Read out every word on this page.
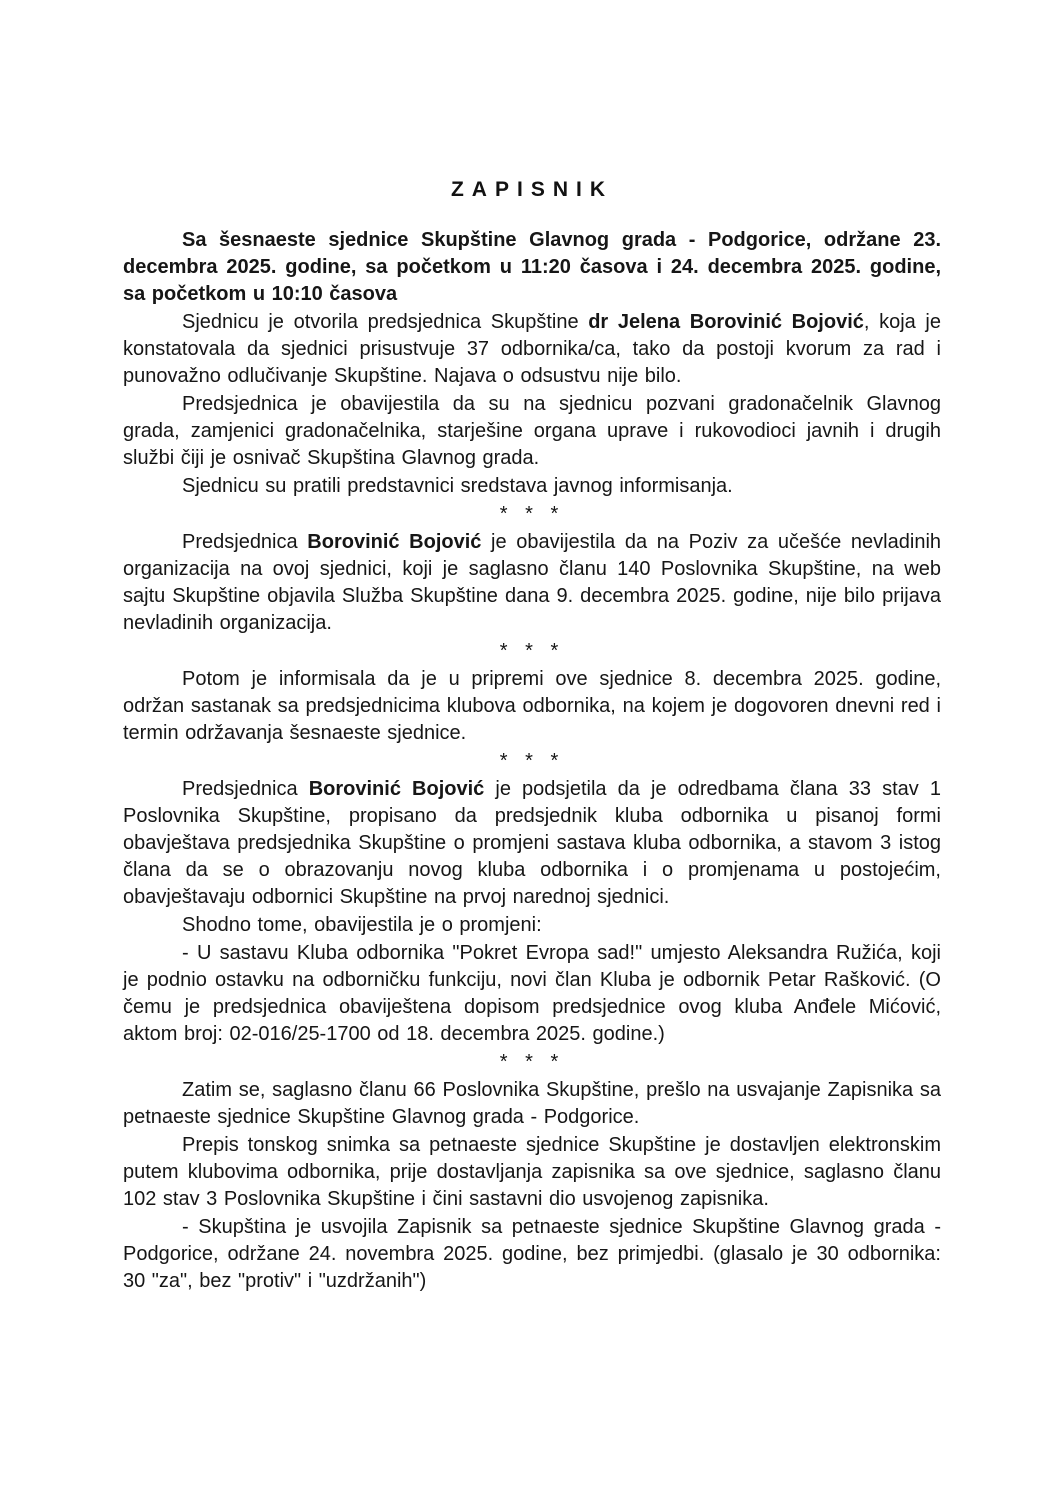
ZAPISNIK

Sa šesnaeste sjednice Skupštine Glavnog grada - Podgorice, održane 23. decembra 2025. godine, sa početkom u 11:20 časova i 24. decembra 2025. godine, sa početkom u 10:10 časova

Sjednicu je otvorila predsjednica Skupštine dr Jelena Borovinić Bojović, koja je konstatovala da sjednici prisustvuje 37 odbornika/ca, tako da postoji kvorum za rad i punovažno odlučivanje Skupštine. Najava o odsustvu nije bilo.

Predsjednica je obavijestila da su na sjednicu pozvani gradonačelnik Glavnog grada, zamjenici gradonačelnika, starješine organa uprave i rukovodioci javnih i drugih službi čiji je osnivač Skupština Glavnog grada.

Sjednicu su pratili predstavnici sredstava javnog informisanja.

* * *

Predsjednica Borovinić Bojović je obavijestila da na Poziv za učešće nevladinih organizacija na ovoj sjednici, koji je saglasno članu 140 Poslovnika Skupštine, na web sajtu Skupštine objavila Služba Skupštine dana 9. decembra 2025. godine, nije bilo prijava nevladinih organizacija.

* * *

Potom je informisala da je u pripremi ove sjednice 8. decembra 2025. godine, održan sastanak sa predsjednicima klubova odbornika, na kojem je dogovoren dnevni red i termin održavanja šesnaeste sjednice.

* * *

Predsjednica Borovinić Bojović je podsjetila da je odredbama člana 33 stav 1 Poslovnika Skupštine, propisano da predsjednik kluba odbornika u pisanoj formi obavještava predsjednika Skupštine o promjeni sastava kluba odbornika, a stavom 3 istog člana da se o obrazovanju novog kluba odbornika i o promjenama u postojećim, obavještavaju odbornici Skupštine na prvoj narednoj sjednici.

Shodno tome, obavijestila je o promjeni:

- U sastavu Kluba odbornika "Pokret Evropa sad!" umjesto Aleksandra Ružića, koji je podnio ostavku na odborničku funkciju, novi član Kluba je odbornik Petar Rašković. (O čemu je predsjednica obaviještena dopisom predsjednice ovog kluba Anđele Mićović, aktom broj: 02-016/25-1700 od 18. decembra 2025. godine.)

* * *

Zatim se, saglasno članu 66 Poslovnika Skupštine, prešlo na usvajanje Zapisnika sa petnaeste sjednice Skupštine Glavnog grada - Podgorice.

Prepis tonskog snimka sa petnaeste sjednice Skupštine je dostavljen elektronskim putem klubovima odbornika, prije dostavljanja zapisnika sa ove sjednice, saglasno članu 102 stav 3 Poslovnika Skupštine i čini sastavni dio usvojenog zapisnika.

- Skupština je usvojila Zapisnik sa petnaeste sjednice Skupštine Glavnog grada - Podgorice, održane 24. novembra 2025. godine, bez primjedbi. (glasalo je 30 odbornika: 30 "za", bez "protiv" i "uzdržanih")
